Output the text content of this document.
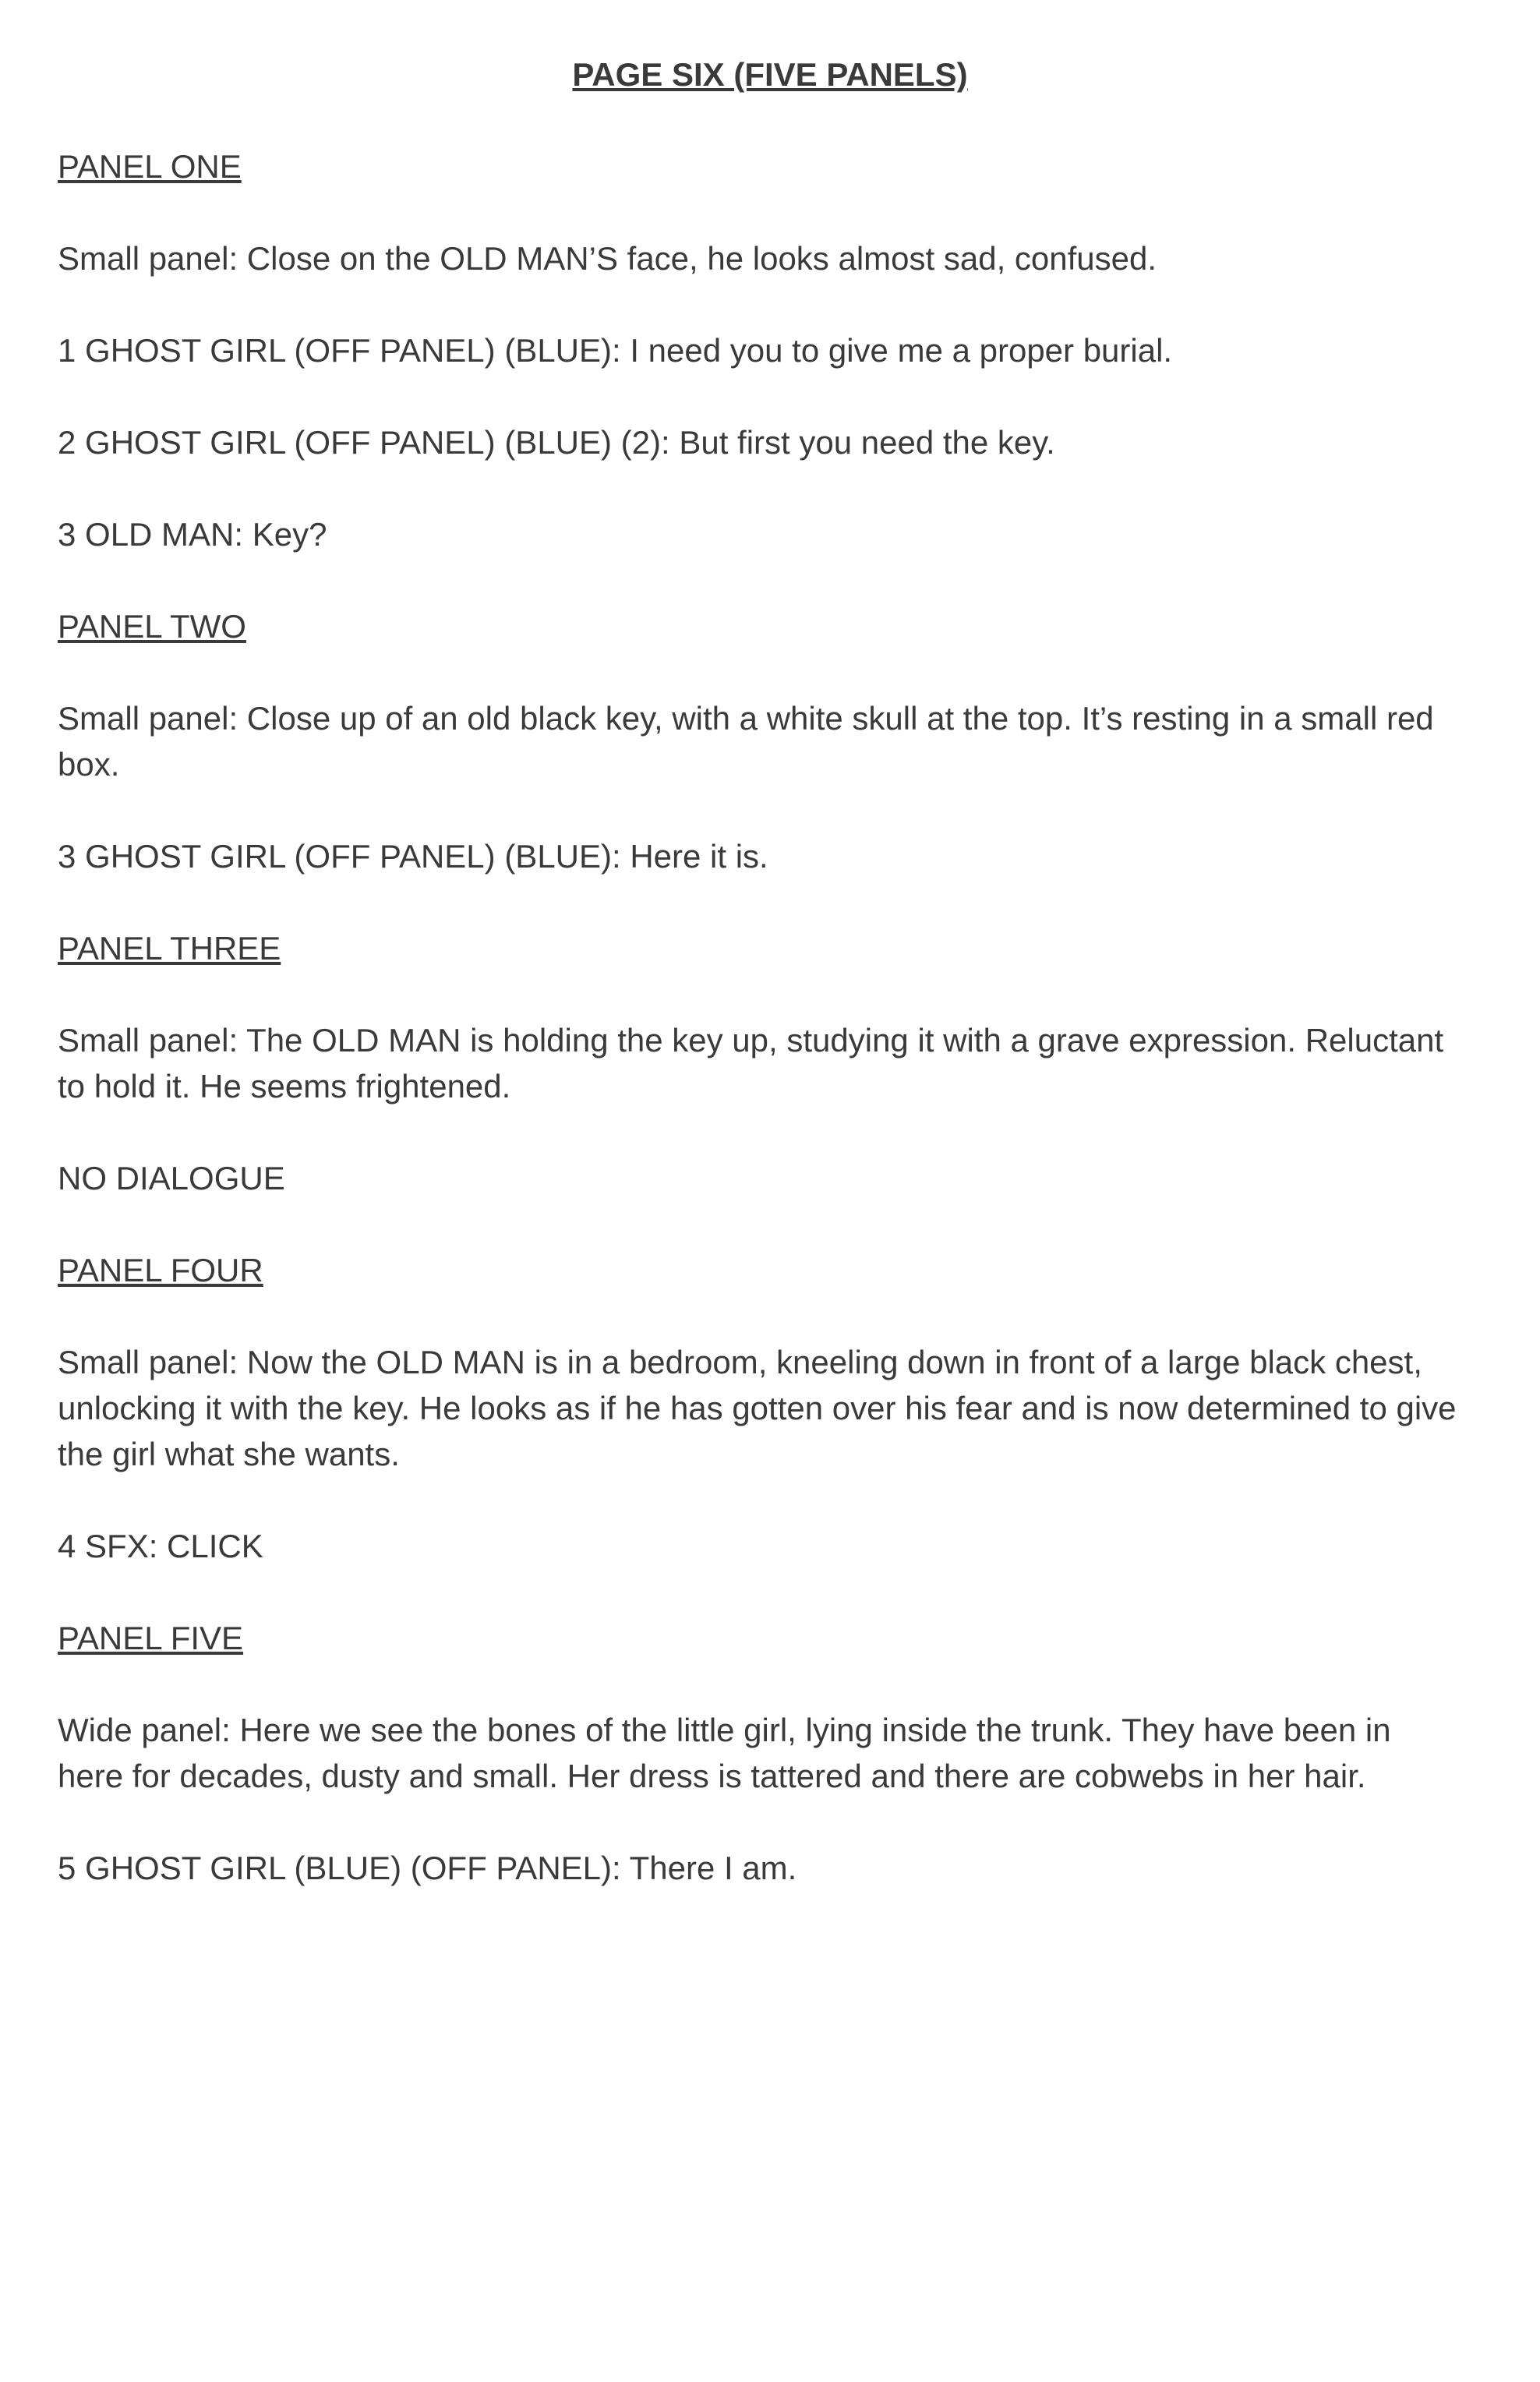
PAGE SIX (FIVE PANELS)
PANEL ONE
Small panel: Close on the OLD MAN’S face, he looks almost sad, confused.
1 GHOST GIRL (OFF PANEL) (BLUE): I need you to give me a proper burial.
2 GHOST GIRL (OFF PANEL) (BLUE) (2): But first you need the key.
3 OLD MAN: Key?
PANEL TWO
Small panel: Close up of an old black key, with a white skull at the top. It’s resting in a small red box.
3 GHOST GIRL (OFF PANEL) (BLUE): Here it is.
PANEL THREE
Small panel: The OLD MAN is holding the key up, studying it with a grave expression. Reluctant to hold it. He seems frightened.
NO DIALOGUE
PANEL FOUR
Small panel: Now the OLD MAN is in a bedroom, kneeling down in front of a large black chest, unlocking it with the key. He looks as if he has gotten over his fear and is now determined to give the girl what she wants.
4 SFX: CLICK
PANEL FIVE
Wide panel: Here we see the bones of the little girl, lying inside the trunk. They have been in here for decades, dusty and small. Her dress is tattered and there are cobwebs in her hair.
5 GHOST GIRL (BLUE) (OFF PANEL): There I am.
